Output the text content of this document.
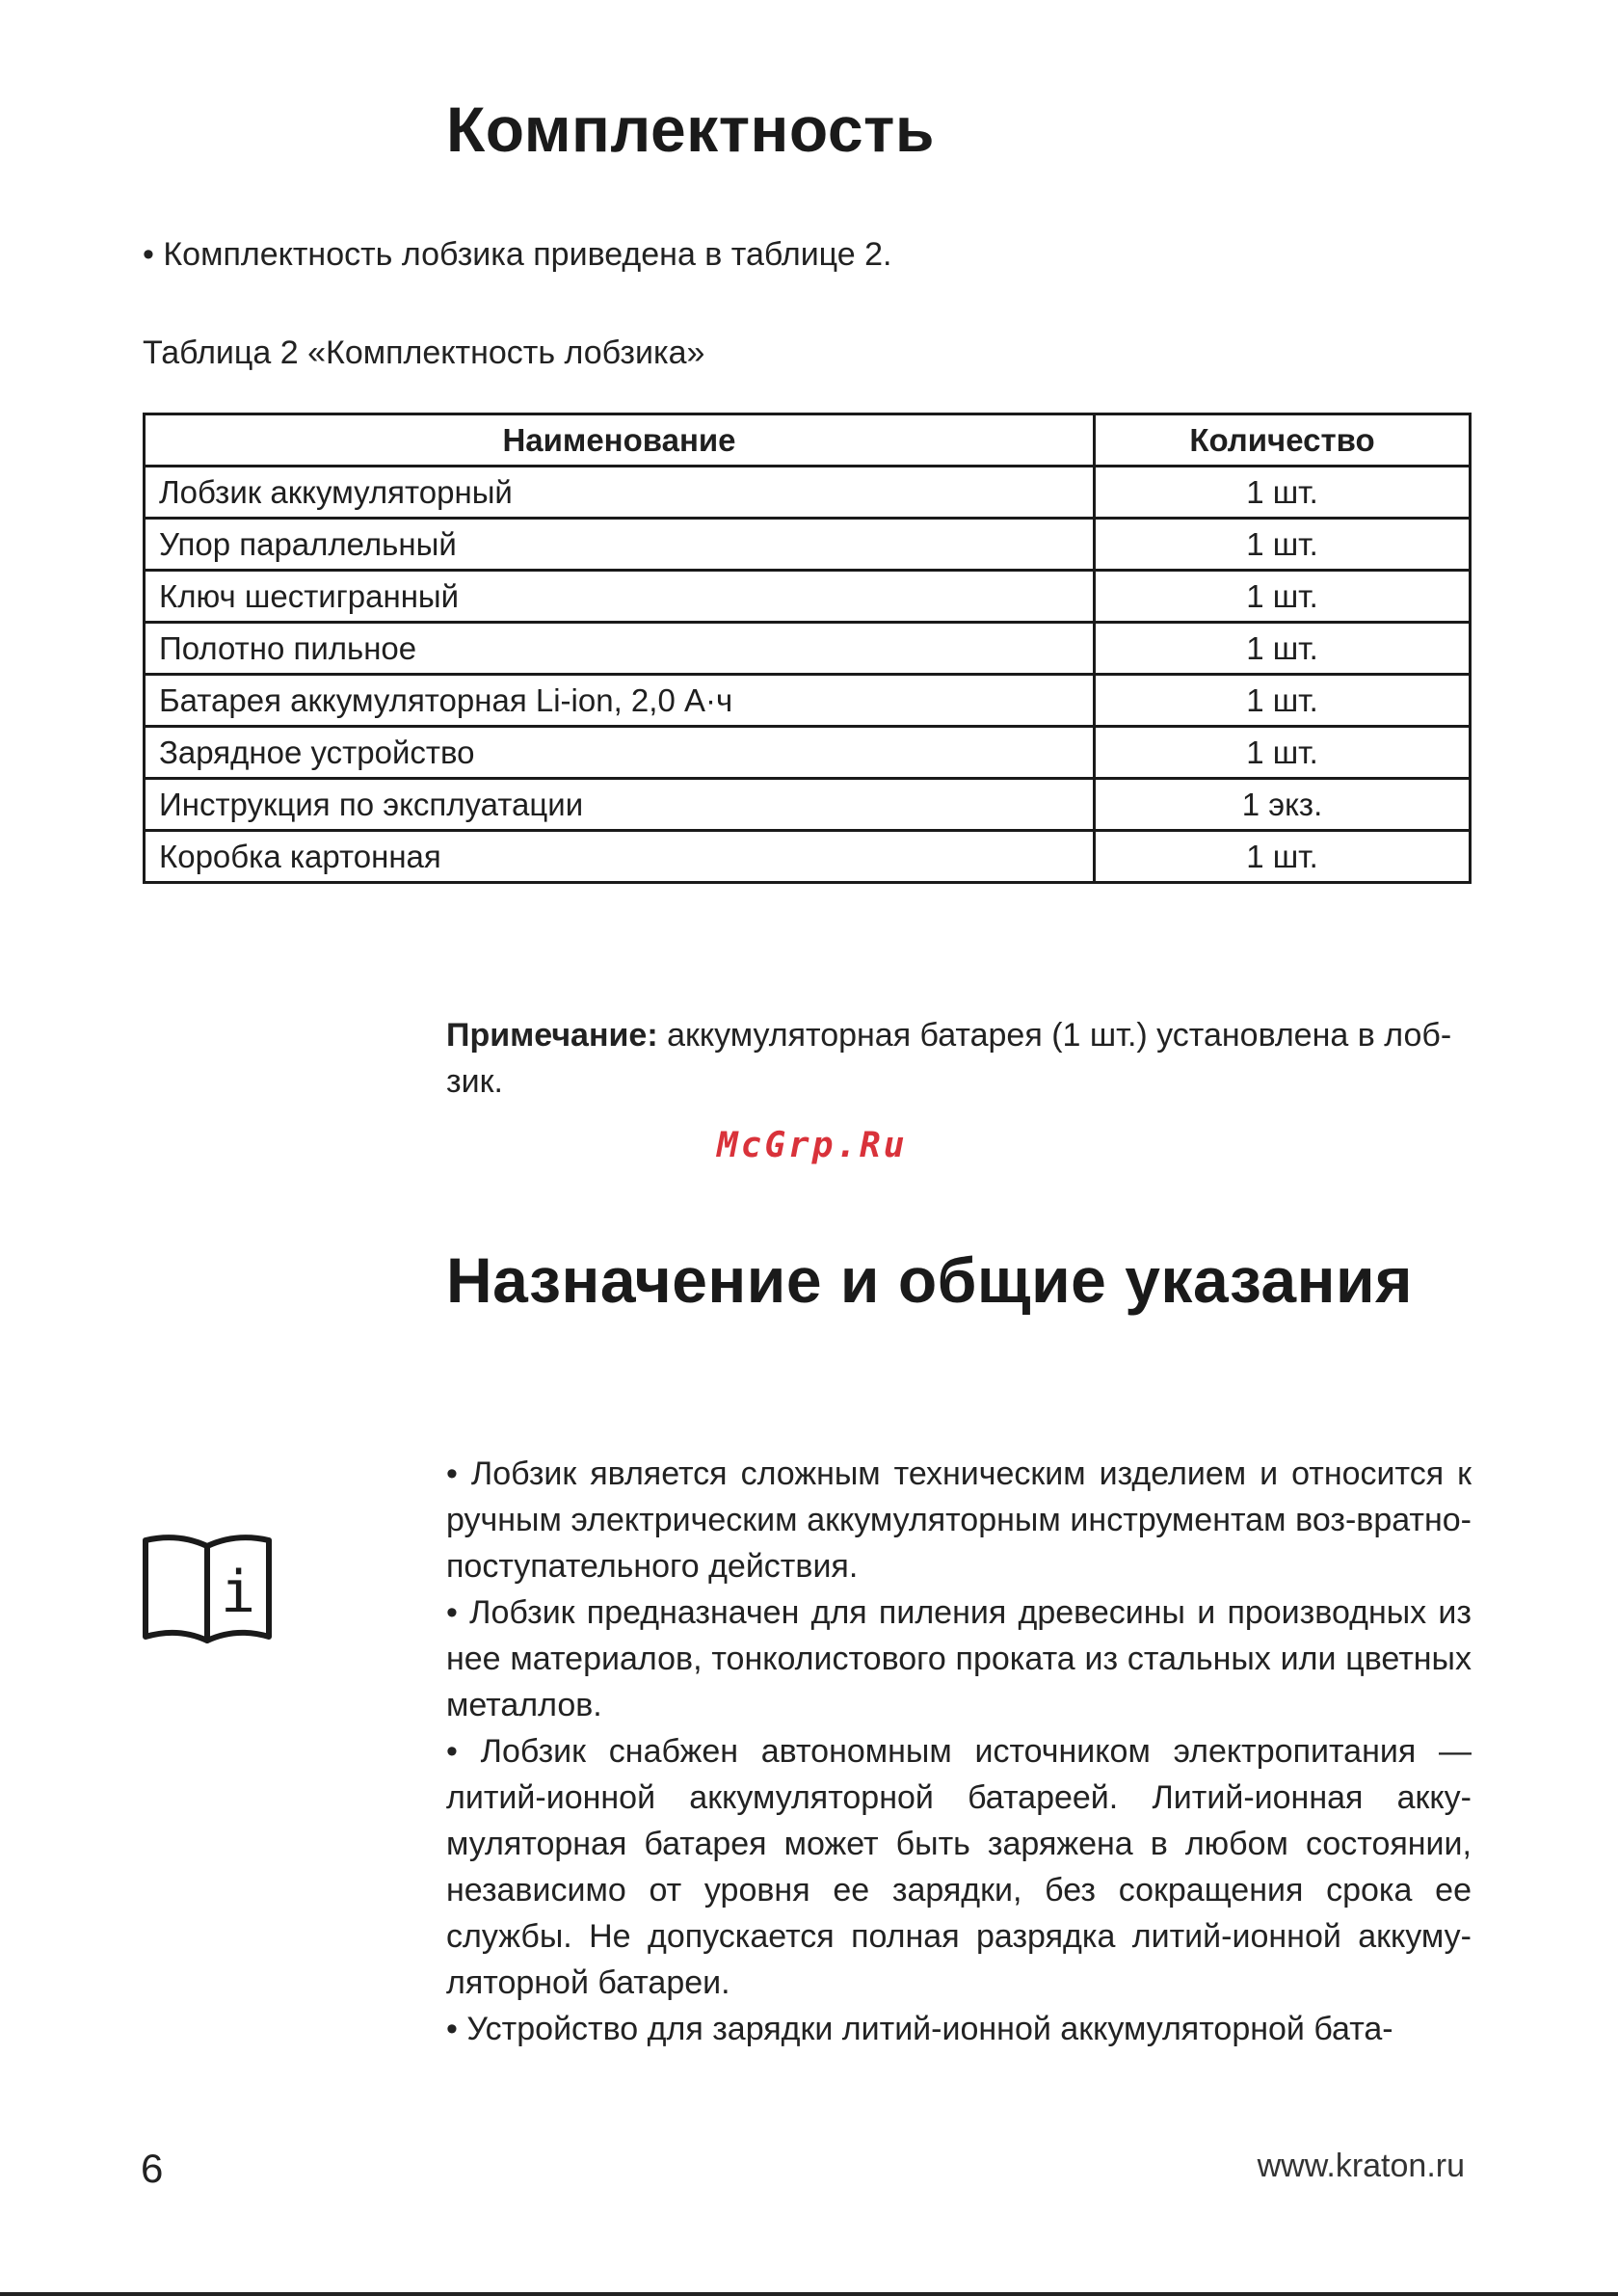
Комплектность
• Комплектность лобзика приведена в таблице 2.
Таблица 2 «Комплектность лобзика»
Наименование	Количество
Лобзик аккумуляторный	1 шт.
Упор параллельный	1 шт.
Ключ шестигранный	1 шт.
Полотно пильное	1 шт.
Батарея аккумуляторная Li-ion, 2,0 А·ч	1 шт.
Зарядное устройство	1 шт.
Инструкция по эксплуатации	1 экз.
Коробка картонная	1 шт.
Примечание: аккумуляторная батарея (1 шт.) установлена в лоб-
зик.
McGrp.Ru
Назначение и общие указания
i
• Лобзик является сложным техническим изделием и относится к ручным электрическим аккумуляторным инструментам воз-вратно-поступательного действия.
• Лобзик предназначен для пиления древесины и производных из нее материалов, тонколистового проката из стальных или цветных металлов.
• Лобзик снабжен автономным источником электропитания — литий-ионной аккумуляторной батареей. Литий-ионная акку-муляторная батарея может быть заряжена в любом состоянии, независимо от уровня ее зарядки, без сокращения срока ее службы. Не допускается полная разрядка литий-ионной аккуму-ляторной батареи.
• Устройство для зарядки литий-ионной аккумуляторной бата-
6	www.kraton.ru
